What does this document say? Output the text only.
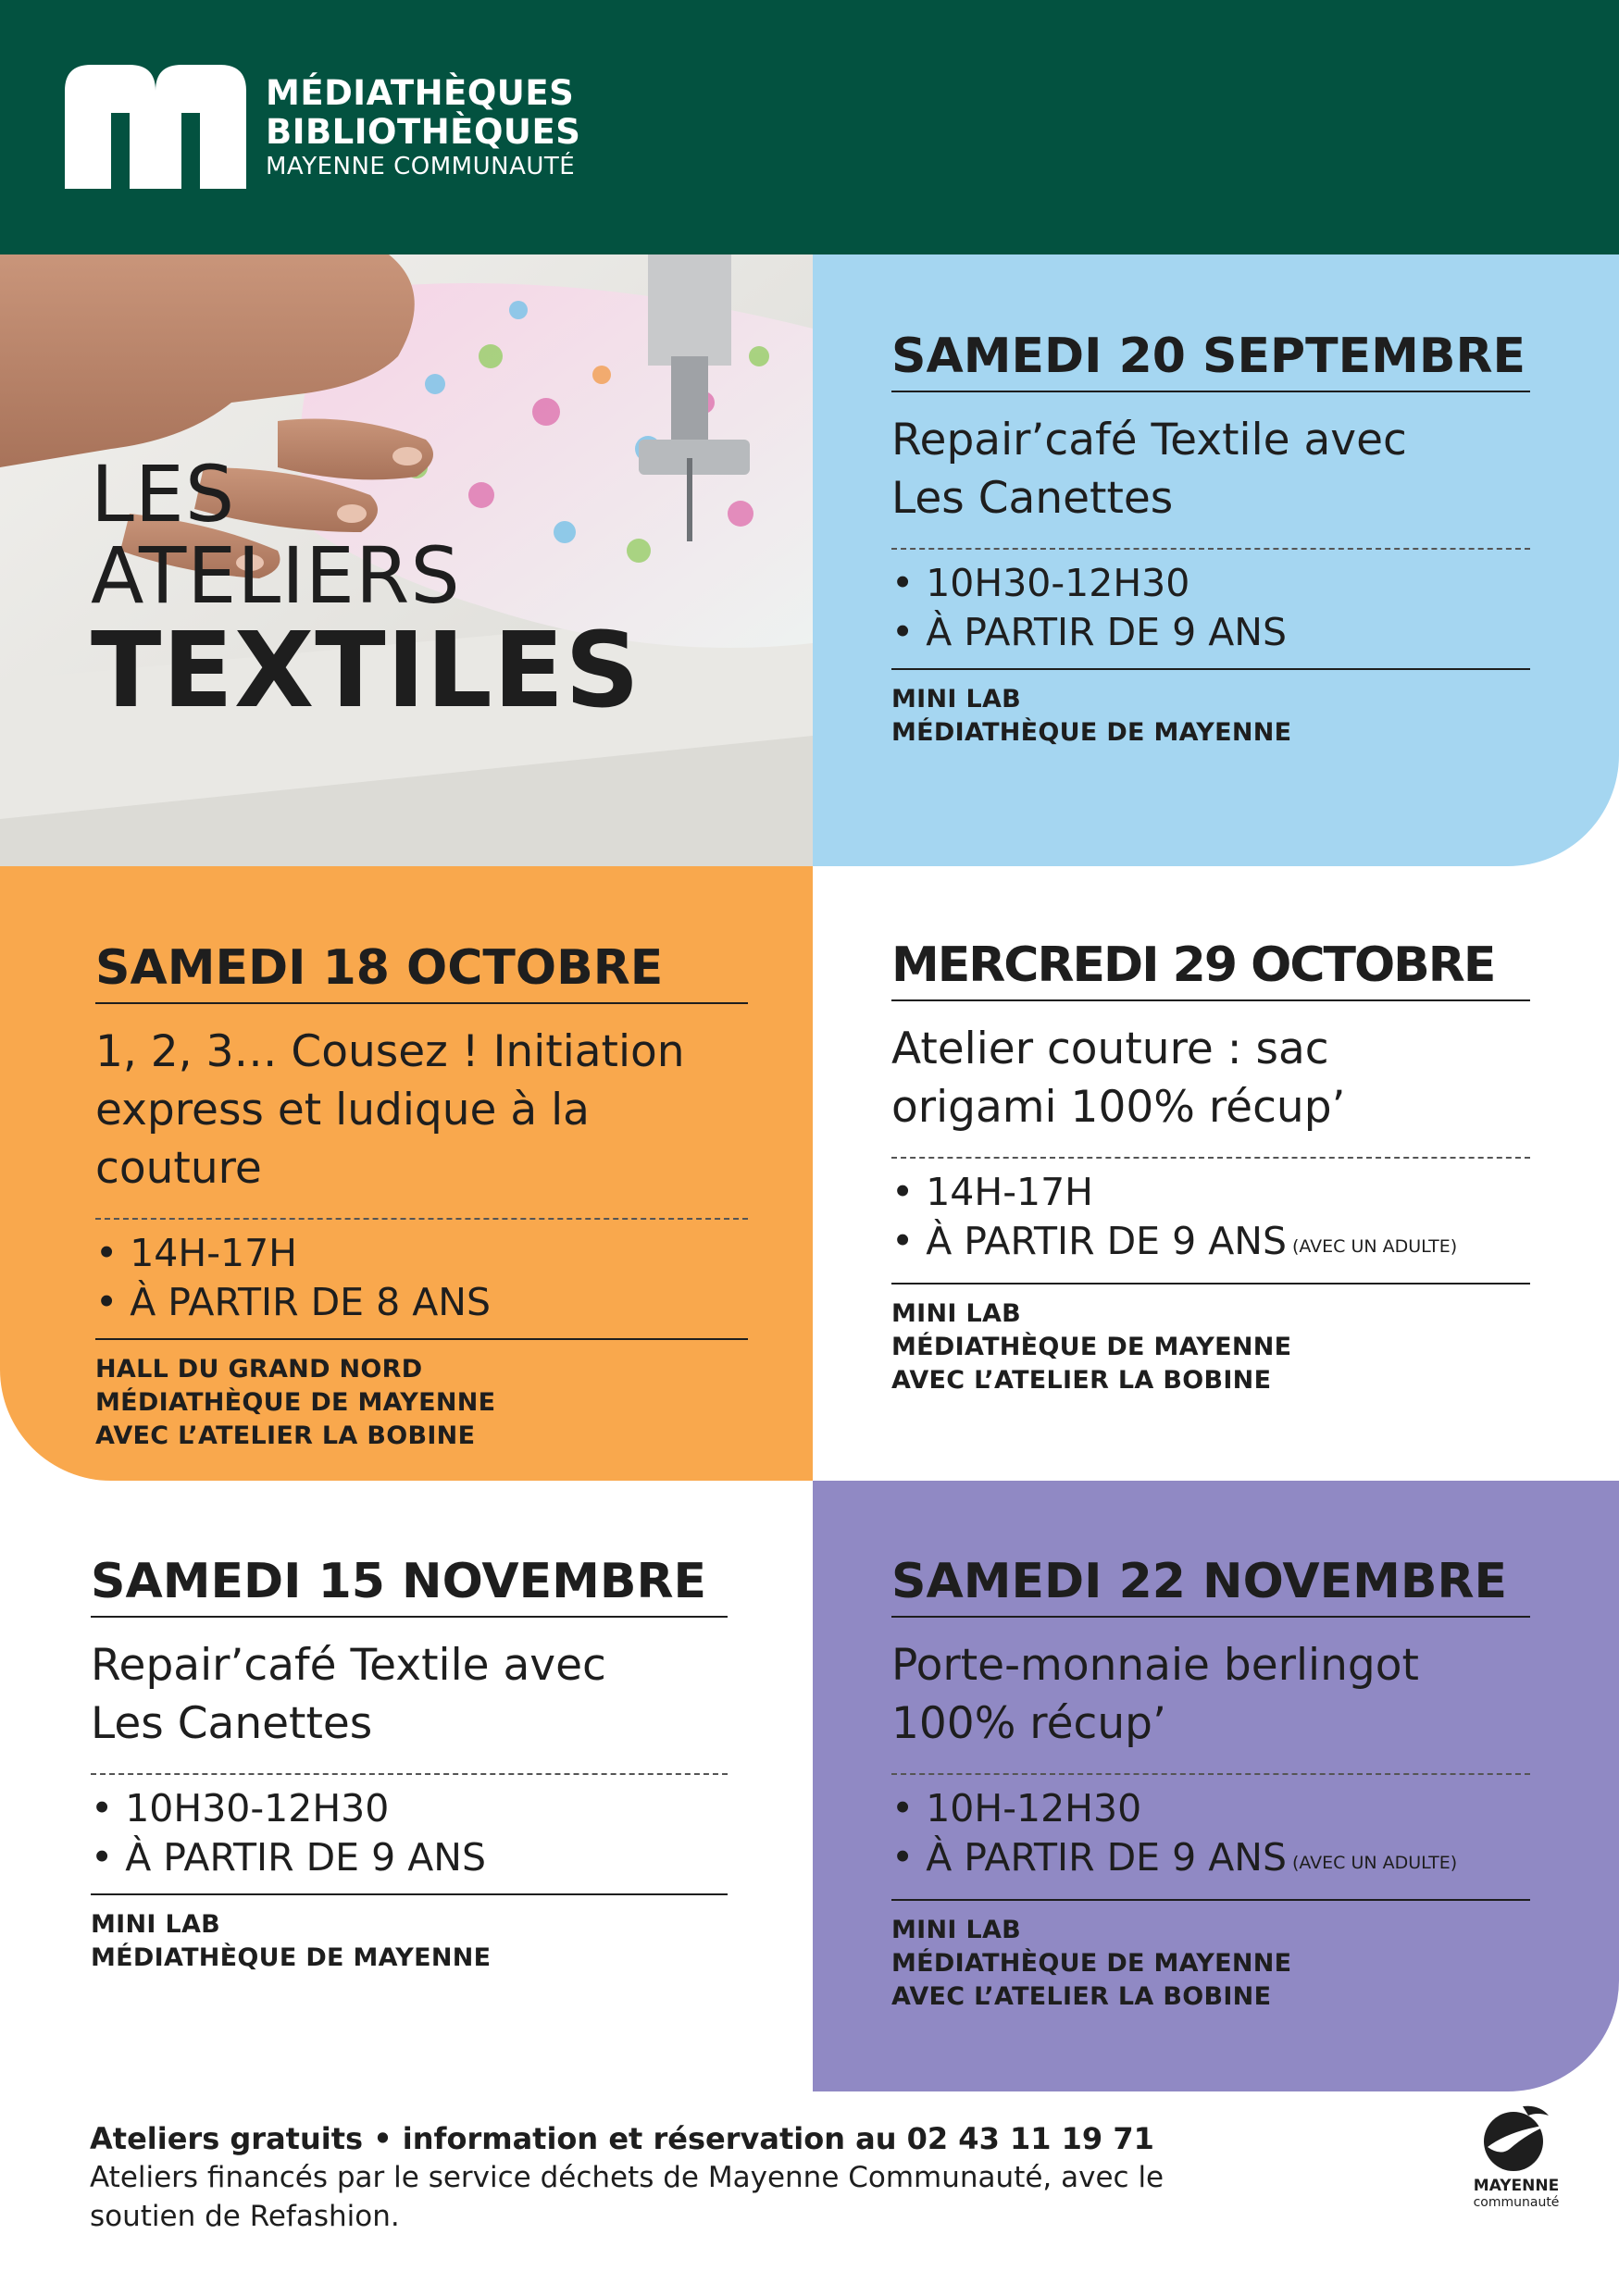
MÉDIATHÈQUES
BIBLIOTHÈQUES
MAYENNE COMMUNAUTÉ
LES
ATELIERS
TEXTILES
SAMEDI 20 SEPTEMBRE
Repair’café Textile avec
Les Canettes
• 10H30-12H30
• À PARTIR DE 9 ANS
MINI LAB
MÉDIATHÈQUE DE MAYENNE
SAMEDI 18 OCTOBRE
1, 2, 3… Cousez ! Initiation
express et ludique à la
couture
• 14H-17H
• À PARTIR DE 8 ANS
HALL DU GRAND NORD
MÉDIATHÈQUE DE MAYENNE
AVEC L’ATELIER LA BOBINE
MERCREDI 29 OCTOBRE
Atelier couture : sac
origami 100% récup’
• 14H-17H
• À PARTIR DE 9 ANS (AVEC UN ADULTE)
MINI LAB
MÉDIATHÈQUE DE MAYENNE
AVEC L’ATELIER LA BOBINE
SAMEDI 15 NOVEMBRE
Repair’café Textile avec
Les Canettes
• 10H30-12H30
• À PARTIR DE 9 ANS
MINI LAB
MÉDIATHÈQUE DE MAYENNE
SAMEDI 22 NOVEMBRE
Porte-monnaie berlingot
100% récup’
• 10H-12H30
• À PARTIR DE 9 ANS (AVEC UN ADULTE)
MINI LAB
MÉDIATHÈQUE DE MAYENNE
AVEC L’ATELIER LA BOBINE
Ateliers gratuits • information et réservation au 02 43 11 19 71
Ateliers financés par le service déchets de Mayenne Communauté, avec le soutien de Refashion.
MAYENNE
communauté
